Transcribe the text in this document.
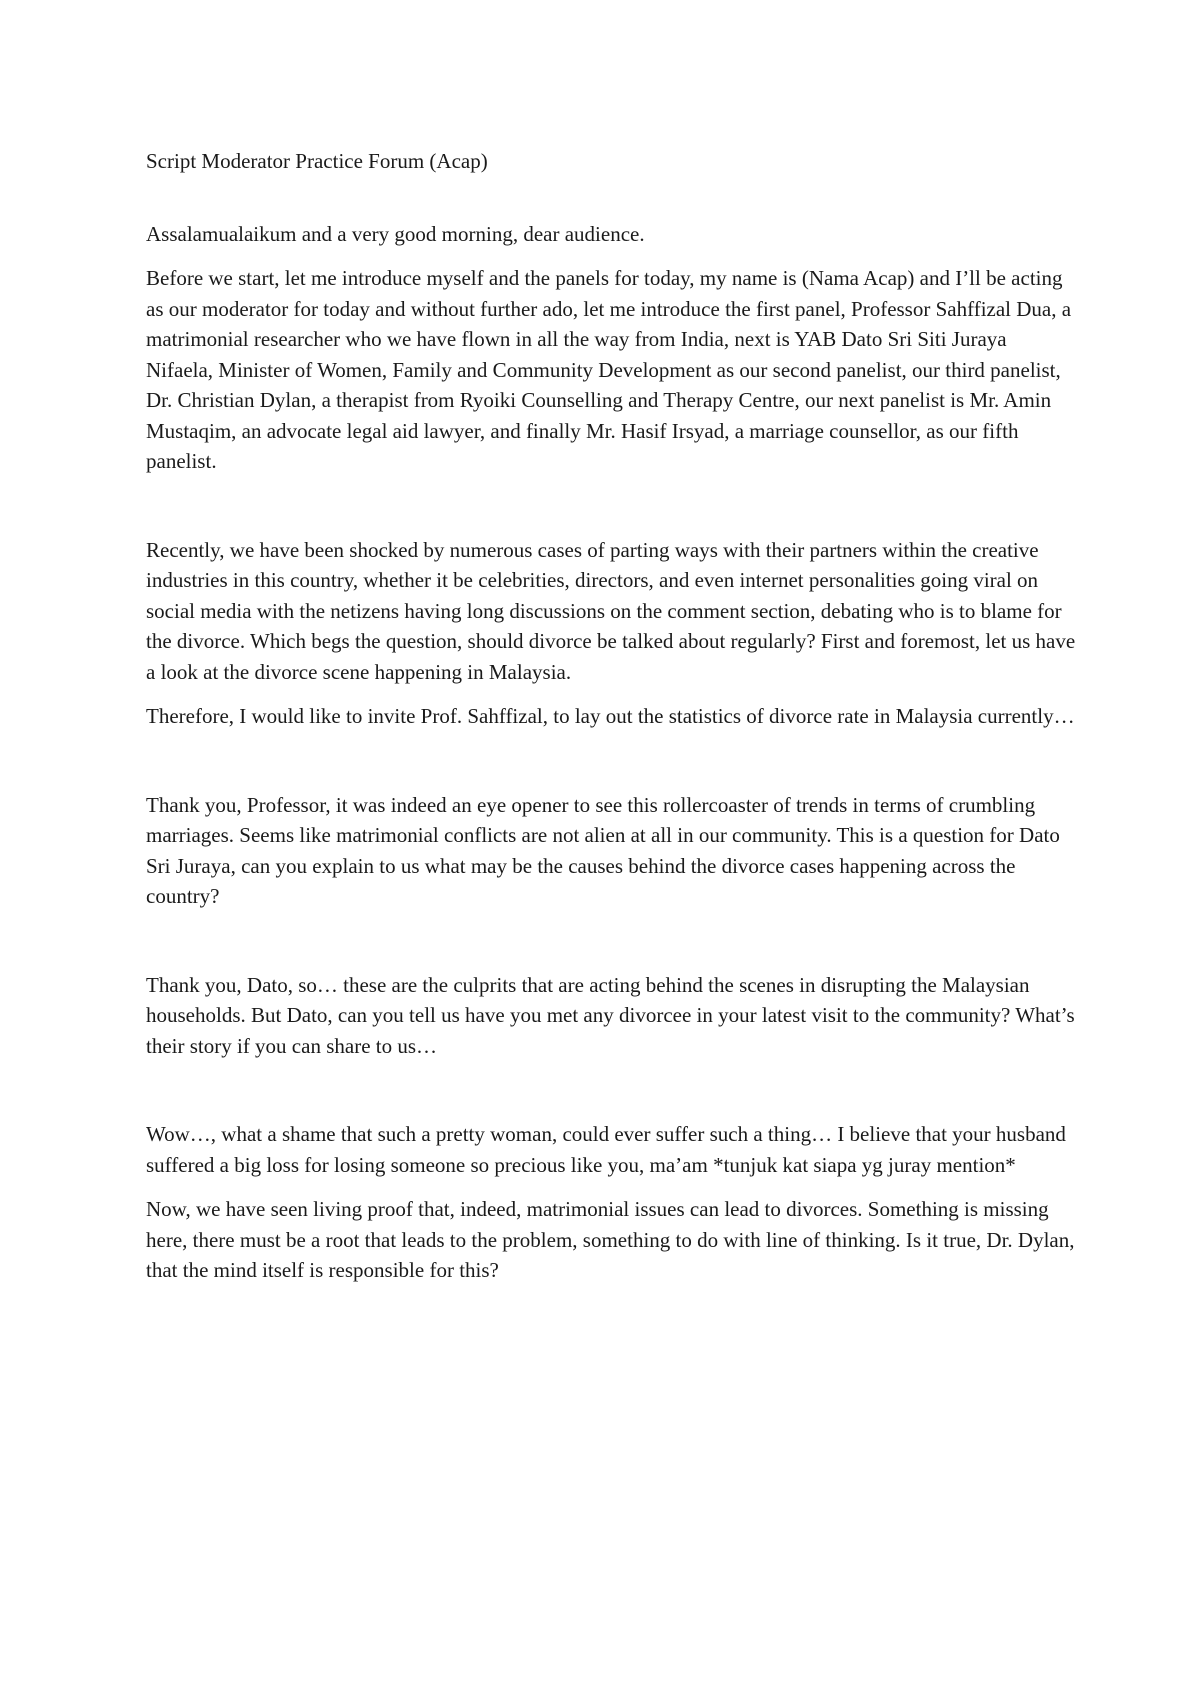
Script Moderator Practice Forum (Acap)

Assalamualaikum and a very good morning, dear audience.

Before we start, let me introduce myself and the panels for today, my name is (Nama Acap) and I’ll be acting as our moderator for today and without further ado, let me introduce the first panel, Professor Sahffizal Dua, a matrimonial researcher who we have flown in all the way from India, next is YAB Dato Sri Siti Juraya Nifaela, Minister of Women, Family and Community Development as our second panelist, our third panelist, Dr. Christian Dylan, a therapist from Ryoiki Counselling and Therapy Centre, our next panelist is Mr. Amin Mustaqim, an advocate legal aid lawyer, and finally Mr. Hasif Irsyad, a marriage counsellor, as our fifth panelist.

Recently, we have been shocked by numerous cases of parting ways with their partners within the creative industries in this country, whether it be celebrities, directors, and even internet personalities going viral on social media with the netizens having long discussions on the comment section, debating who is to blame for the divorce. Which begs the question, should divorce be talked about regularly? First and foremost, let us have a look at the divorce scene happening in Malaysia.

Therefore, I would like to invite Prof. Sahffizal, to lay out the statistics of divorce rate in Malaysia currently…

Thank you, Professor, it was indeed an eye opener to see this rollercoaster of trends in terms of crumbling marriages. Seems like matrimonial conflicts are not alien at all in our community. This is a question for Dato Sri Juraya, can you explain to us what may be the causes behind the divorce cases happening across the country?

Thank you, Dato, so… these are the culprits that are acting behind the scenes in disrupting the Malaysian households. But Dato, can you tell us have you met any divorcee in your latest visit to the community? What’s their story if you can share to us…

Wow…, what a shame that such a pretty woman, could ever suffer such a thing… I believe that your husband suffered a big loss for losing someone so precious like you, ma’am *tunjuk kat siapa yg juray mention*

Now, we have seen living proof that, indeed, matrimonial issues can lead to divorces. Something is missing here, there must be a root that leads to the problem, something to do with line of thinking. Is it true, Dr. Dylan, that the mind itself is responsible for this?
